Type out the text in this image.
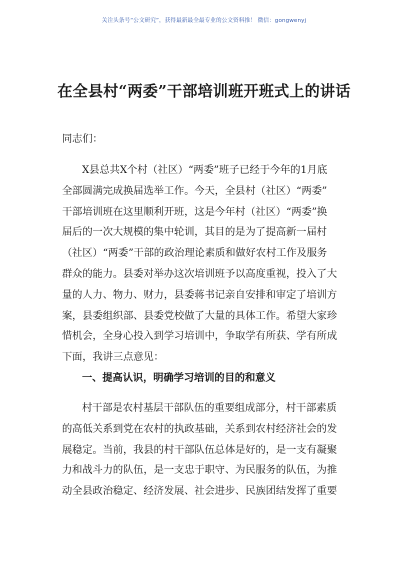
关注头条号“公文研究”，获得最新最全最专业的公文资料推！ 微信：gongwenyj
在全县村“两委”干部培训班开班式上的讲话
同志们：
X县总共X个村（社区）“两委”班子已经于今年的1月底
全部圆满完成换届选举工作。今天，全县村（社区）“两委”
干部培训班在这里顺利开班，这是今年村（社区）“两委”换
届后的一次大规模的集中轮训，其目的是为了提高新一届村
（社区）“两委”干部的政治理论素质和做好农村工作及服务
群众的能力。县委对举办这次培训班予以高度重视，投入了大
量的人力、物力、财力，县委蒋书记亲自安排和审定了培训方
案，县委组织部、县委党校做了大量的具体工作。希望大家珍
惜机会，全身心投入到学习培训中，争取学有所获、学有所成
下面，我讲三点意见：
一、提高认识，明确学习培训的目的和意义
村干部是农村基层干部队伍的重要组成部分，村干部素质
的高低关系到党在农村的执政基础，关系到农村经济社会的发
展稳定。当前，我县的村干部队伍总体是好的，是一支有凝聚
力和战斗力的队伍，是一支忠于职守、为民服务的队伍，为推
动全县政治稳定、经济发展、社会进步、民族团结发挥了重要
